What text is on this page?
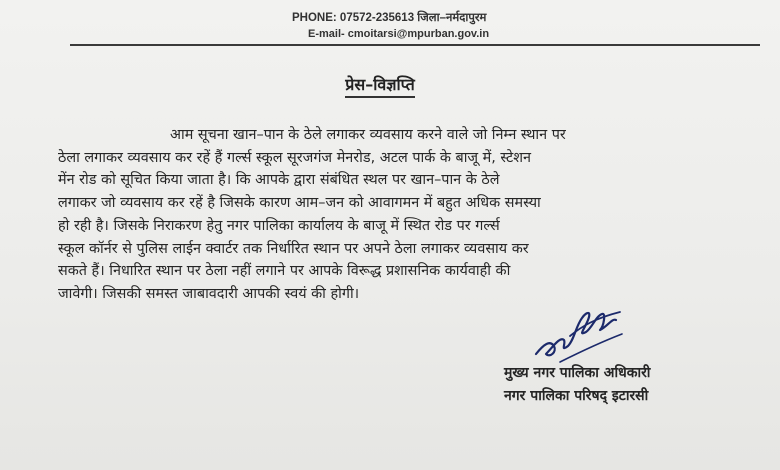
PHONE: 07572-235613 जिला–नर्मदापुरम
E-mail- cmoitarsi@mpurban.gov.in
प्रेस–विज्ञप्ति
आम सूचना खान–पान के ठेले लगाकर व्यवसाय करने वाले जो निम्न स्थान पर
ठेला लगाकर व्यवसाय कर रहें हैं गर्ल्स स्कूल सूरजगंज मेनरोड, अटल पार्क के बाजू में, स्टेशन
मेंन रोड को सूचित किया जाता है। कि आपके द्वारा संबंधित स्थल पर खान–पान के ठेले
लगाकर जो व्यवसाय कर रहें है जिसके कारण आम–जन को आवागमन में बहुत अधिक समस्या
हो रही है। जिसके निराकरण हेतु नगर पालिका कार्यालय के बाजू में स्थित रोड पर गर्ल्स
स्कूल कॉर्नर से पुलिस लाईन क्वार्टर तक निर्धारित स्थान पर अपने ठेला लगाकर व्यवसाय कर
सकते हैं। निधारित स्थान पर ठेला नहीं लगाने पर आपके विरूद्ध प्रशासनिक कार्यवाही की
जावेगी। जिसकी समस्त जाबावदारी आपकी स्वयं की होगी।
मुख्य नगर पालिका अधिकारी
नगर पालिका परिषद् इटारसी
